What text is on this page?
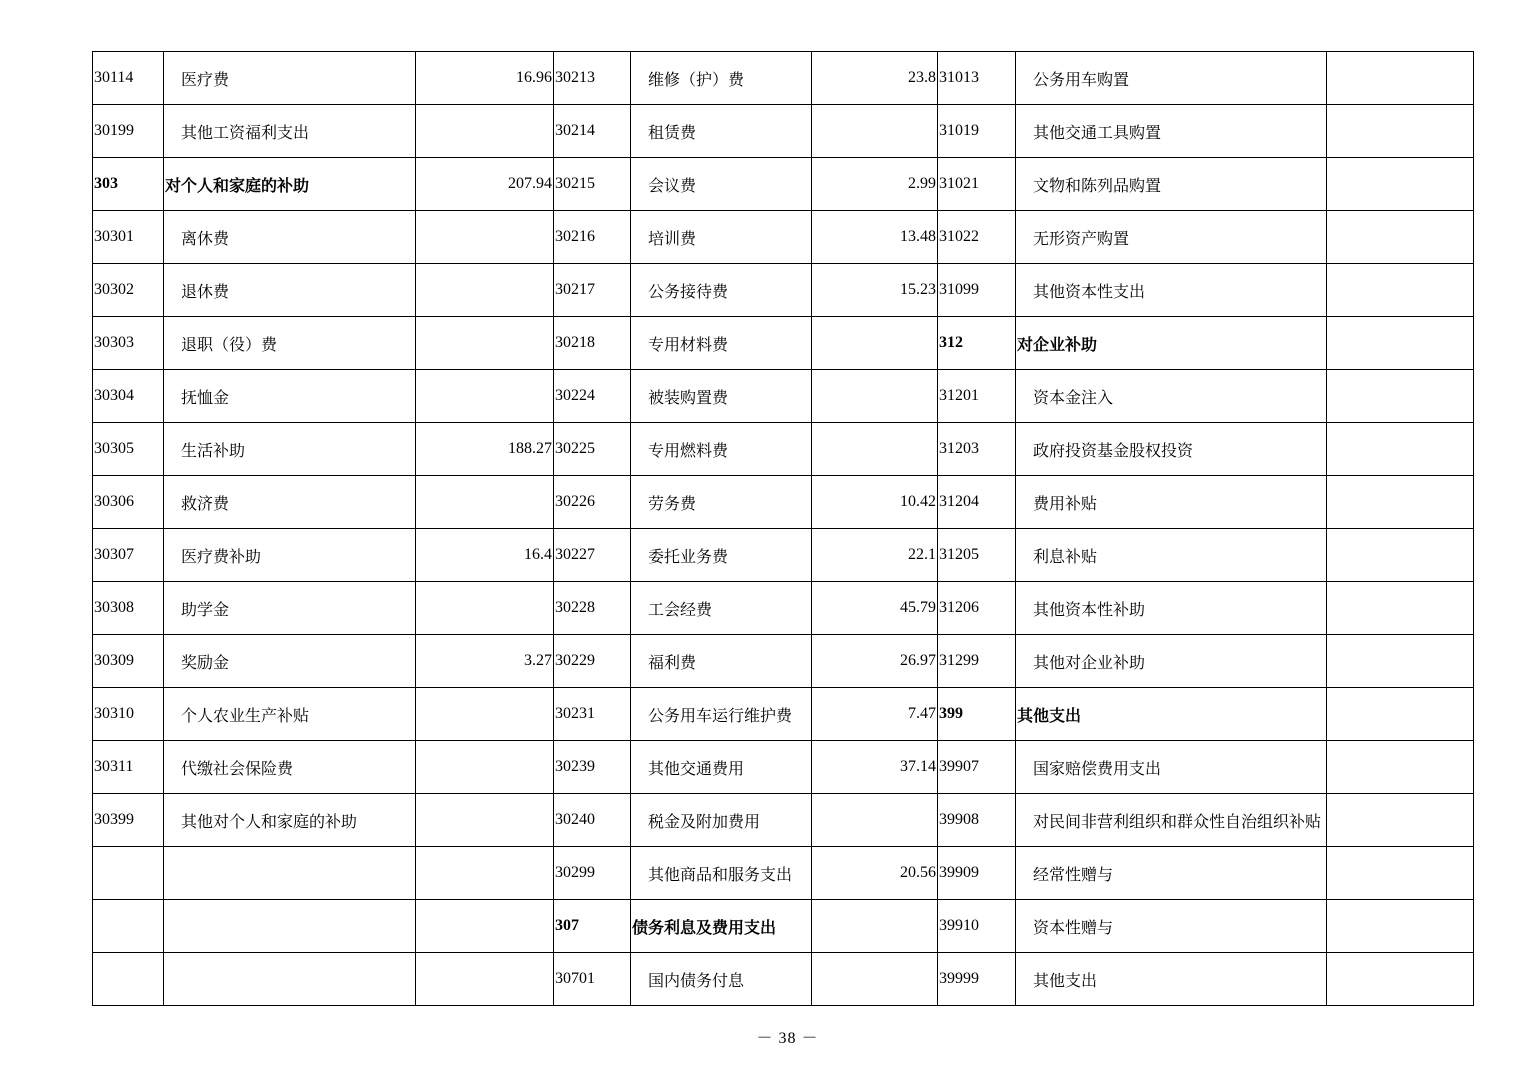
30114	医疗费	16.96	30213	维修（护）费	23.8	31013	公务用车购置	
30199	其他工资福利支出		30214	租赁费		31019	其他交通工具购置	
303	对个人和家庭的补助	207.94	30215	会议费	2.99	31021	文物和陈列品购置	
30301	离休费		30216	培训费	13.48	31022	无形资产购置	
30302	退休费		30217	公务接待费	15.23	31099	其他资本性支出	
30303	退职（役）费		30218	专用材料费		312	对企业补助	
30304	抚恤金		30224	被装购置费		31201	资本金注入	
30305	生活补助	188.27	30225	专用燃料费		31203	政府投资基金股权投资	
30306	救济费		30226	劳务费	10.42	31204	费用补贴	
30307	医疗费补助	16.4	30227	委托业务费	22.1	31205	利息补贴	
30308	助学金		30228	工会经费	45.79	31206	其他资本性补助	
30309	奖励金	3.27	30229	福利费	26.97	31299	其他对企业补助	
30310	个人农业生产补贴		30231	公务用车运行维护费	7.47	399	其他支出	
30311	代缴社会保险费		30239	其他交通费用	37.14	39907	国家赔偿费用支出	
30399	其他对个人和家庭的补助		30240	税金及附加费用		39908	对民间非营利组织和群众性自治组织补贴	
			30299	其他商品和服务支出	20.56	39909	经常性赠与	
			307	债务利息及费用支出		39910	资本性赠与	
			30701	国内债务付息		39999	其他支出	
－ 38 －
